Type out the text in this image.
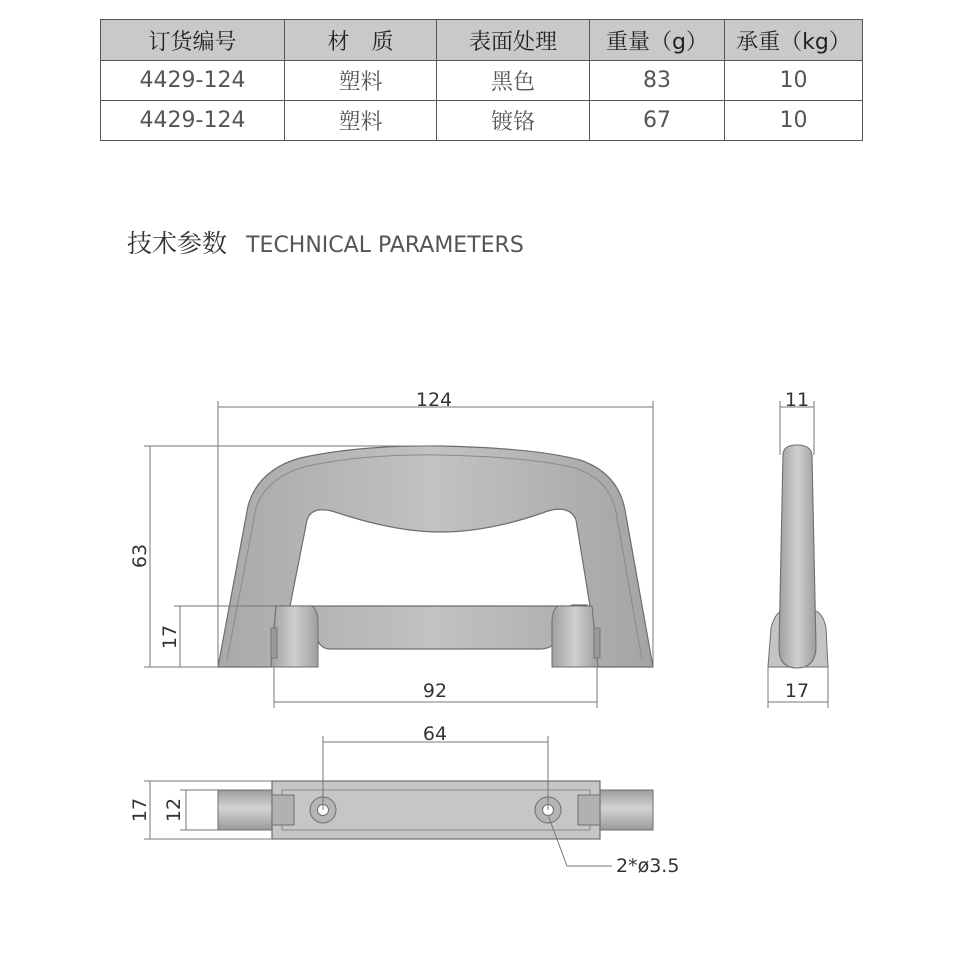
订货编号	材　质	表面处理	重量（g）	承重（kg）
4429-124	塑料	黑色	83	10
4429-124	塑料	镀铬	67	10
技术参数 TECHNICAL PARAMETERS
124
63
17
92
11
17
64
17 12
2*ø3.5
